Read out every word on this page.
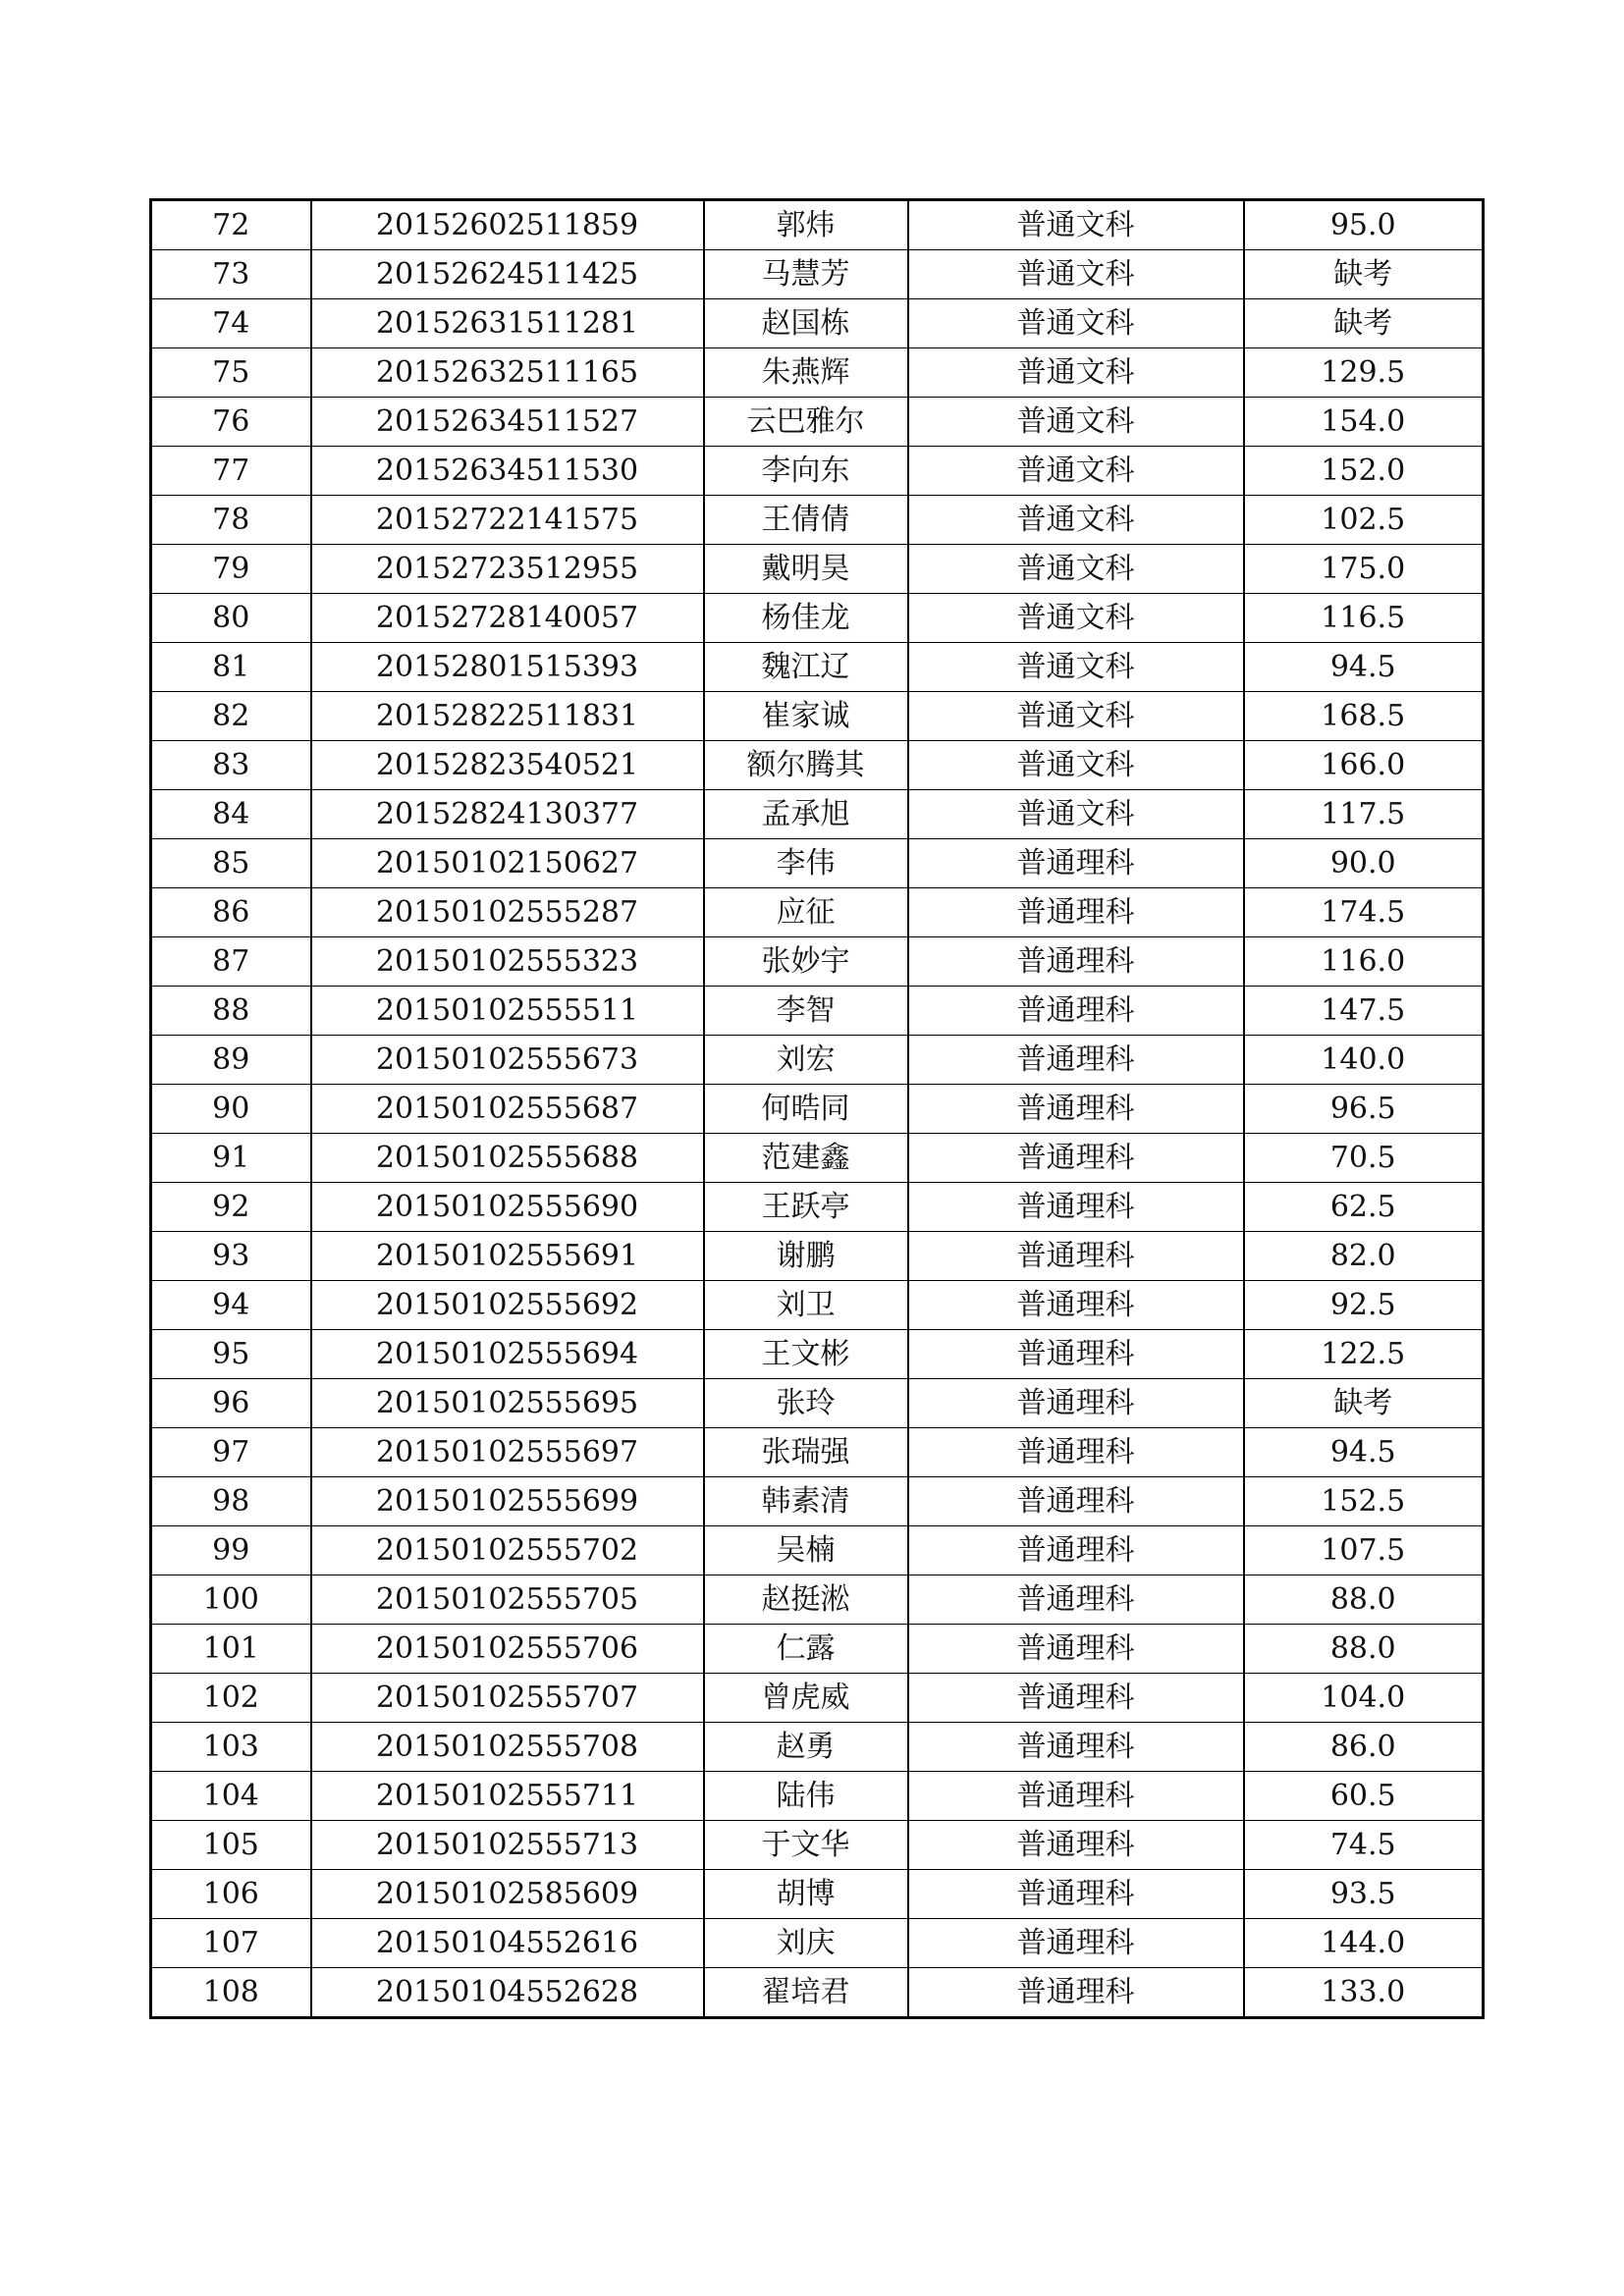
72	20152602511859	郭炜	普通文科	95.0
73	20152624511425	马慧芳	普通文科	缺考
74	20152631511281	赵国栋	普通文科	缺考
75	20152632511165	朱燕辉	普通文科	129.5
76	20152634511527	云巴雅尔	普通文科	154.0
77	20152634511530	李向东	普通文科	152.0
78	20152722141575	王倩倩	普通文科	102.5
79	20152723512955	戴明昊	普通文科	175.0
80	20152728140057	杨佳龙	普通文科	116.5
81	20152801515393	魏江辽	普通文科	94.5
82	20152822511831	崔家诚	普通文科	168.5
83	20152823540521	额尔腾其	普通文科	166.0
84	20152824130377	孟承旭	普通文科	117.5
85	20150102150627	李伟	普通理科	90.0
86	20150102555287	应征	普通理科	174.5
87	20150102555323	张妙宇	普通理科	116.0
88	20150102555511	李智	普通理科	147.5
89	20150102555673	刘宏	普通理科	140.0
90	20150102555687	何晧同	普通理科	96.5
91	20150102555688	范建鑫	普通理科	70.5
92	20150102555690	王跃亭	普通理科	62.5
93	20150102555691	谢鹏	普通理科	82.0
94	20150102555692	刘卫	普通理科	92.5
95	20150102555694	王文彬	普通理科	122.5
96	20150102555695	张玲	普通理科	缺考
97	20150102555697	张瑞强	普通理科	94.5
98	20150102555699	韩素清	普通理科	152.5
99	20150102555702	吴楠	普通理科	107.5
100	20150102555705	赵挺淞	普通理科	88.0
101	20150102555706	仁露	普通理科	88.0
102	20150102555707	曾虎威	普通理科	104.0
103	20150102555708	赵勇	普通理科	86.0
104	20150102555711	陆伟	普通理科	60.5
105	20150102555713	于文华	普通理科	74.5
106	20150102585609	胡博	普通理科	93.5
107	20150104552616	刘庆	普通理科	144.0
108	20150104552628	翟培君	普通理科	133.0
